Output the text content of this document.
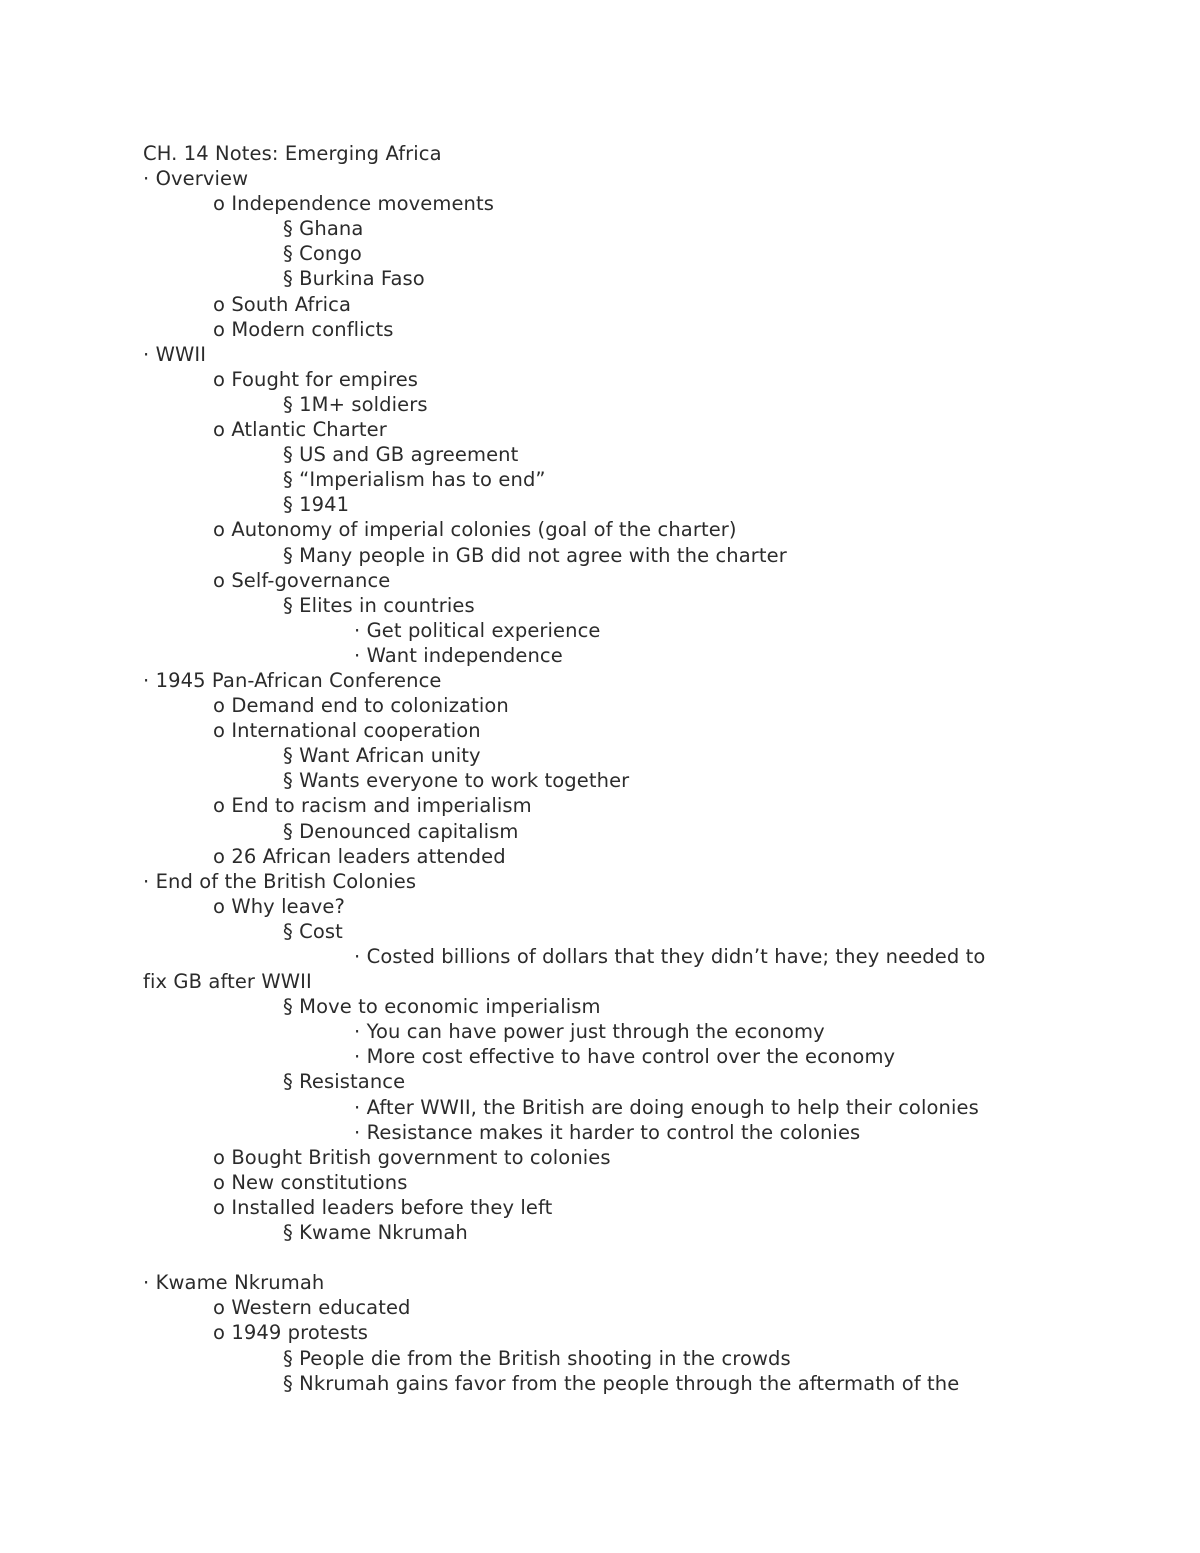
CH. 14 Notes: Emerging Africa
· Overview
o Independence movements
§ Ghana
§ Congo
§ Burkina Faso
o South Africa
o Modern conflicts
· WWII
o Fought for empires
§ 1M+ soldiers
o Atlantic Charter
§ US and GB agreement
§ “Imperialism has to end”
§ 1941
o Autonomy of imperial colonies (goal of the charter)
§ Many people in GB did not agree with the charter
o Self-governance
§ Elites in countries
· Get political experience
· Want independence
· 1945 Pan-African Conference
o Demand end to colonization
o International cooperation
§ Want African unity
§ Wants everyone to work together
o End to racism and imperialism
§ Denounced capitalism
o 26 African leaders attended
· End of the British Colonies
o Why leave?
§ Cost
· Costed billions of dollars that they didn’t have; they needed to
fix GB after WWII
§ Move to economic imperialism
· You can have power just through the economy
· More cost effective to have control over the economy
§ Resistance
· After WWII, the British are doing enough to help their colonies
· Resistance makes it harder to control the colonies
o Bought British government to colonies
o New constitutions
o Installed leaders before they left
§ Kwame Nkrumah
· Kwame Nkrumah
o Western educated
o 1949 protests
§ People die from the British shooting in the crowds
§ Nkrumah gains favor from the people through the aftermath of the
